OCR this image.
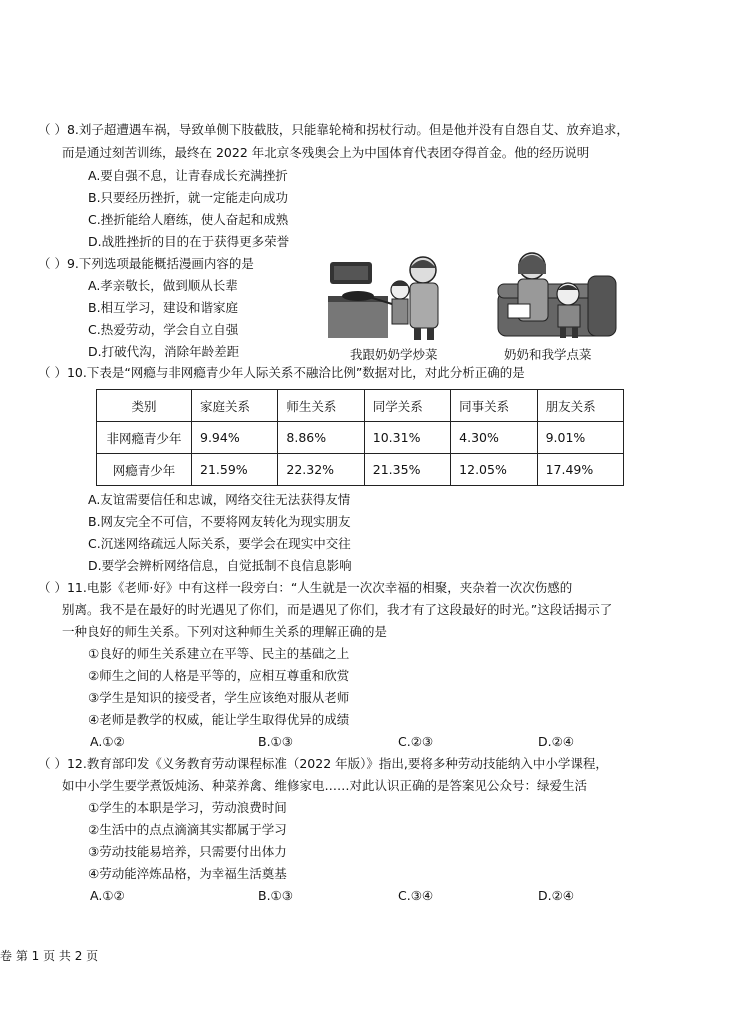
（ ）8.刘子超遭遇车祸，导致单侧下肢截肢，只能靠轮椅和拐杖行动。但是他并没有自怨自艾、放弃追求，
而是通过刻苦训练，最终在 2022 年北京冬残奥会上为中国体育代表团夺得首金。他的经历说明
A.要自强不息，让青春成长充满挫折
B.只要经历挫折，就一定能走向成功
C.挫折能给人磨练，使人奋起和成熟
D.战胜挫折的目的在于获得更多荣誉
（ ）9.下列选项最能概括漫画内容的是
A.孝亲敬长，做到顺从长辈
B.相互学习，建设和谐家庭
C.热爱劳动，学会自立自强
D.打破代沟，消除年龄差距	我跟奶奶学炒菜	奶奶和我学点菜
（ ）10.下表是“网瘾与非网瘾青少年人际关系不融洽比例”数据对比，对此分析正确的是
类别	家庭关系	师生关系	同学关系	同事关系	朋友关系
非网瘾青少年	9.94%	8.86%	10.31%	4.30%	9.01%
网瘾青少年	21.59%	22.32%	21.35%	12.05%	17.49%
A.友谊需要信任和忠诚，网络交往无法获得友情
B.网友完全不可信，不要将网友转化为现实朋友
C.沉迷网络疏远人际关系，要学会在现实中交往
D.要学会辨析网络信息，自觉抵制不良信息影响
（ ）11.电影《老师·好》中有这样一段旁白：“人生就是一次次幸福的相聚，夹杂着一次次伤感的
别离。我不是在最好的时光遇见了你们，而是遇见了你们，我才有了这段最好的时光。”这段话揭示了
一种良好的师生关系。下列对这种师生关系的理解正确的是
①良好的师生关系建立在平等、民主的基础之上
②师生之间的人格是平等的，应相互尊重和欣赏
③学生是知识的接受者，学生应该绝对服从老师
④老师是教学的权威，能让学生取得优异的成绩
A.①②	B.①③	C.②③	D.②④
（ ）12.教育部印发《义务教育劳动课程标准（2022 年版）》指出,要将多种劳动技能纳入中小学课程，
如中小学生要学煮饭炖汤、种菜养禽、维修家电……对此认识正确的是答案见公众号：绿爱生活
①学生的本职是学习，劳动浪费时间
②生活中的点点滴滴其实都属于学习
③劳动技能易培养，只需要付出体力
④劳动能淬炼品格，为幸福生活奠基
A.①②	B.①③	C.③④	D.②④
卷 第 1 页 共 2 页
